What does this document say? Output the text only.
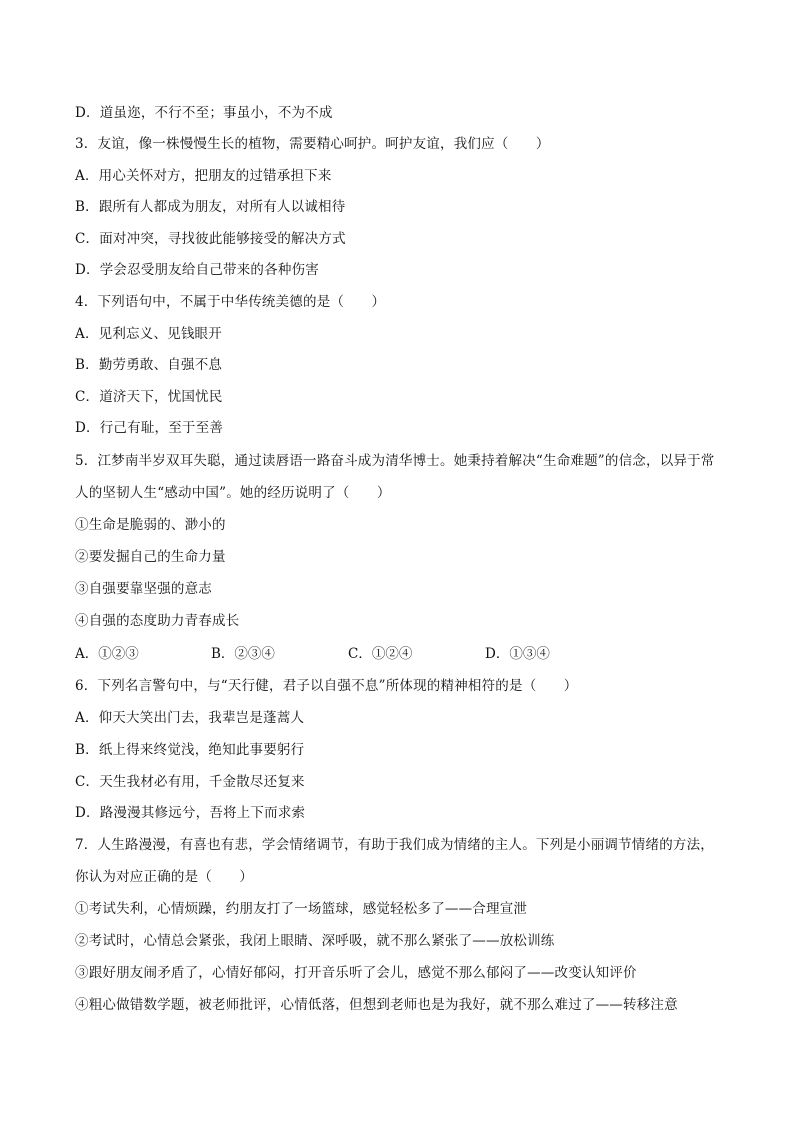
D．道虽迩，不行不至；事虽小，不为不成
3．友谊，像一株慢慢生长的植物，需要精心呵护。呵护友谊，我们应（　　）
A．用心关怀对方，把朋友的过错承担下来
B．跟所有人都成为朋友，对所有人以诚相待
C．面对冲突，寻找彼此能够接受的解决方式
D．学会忍受朋友给自己带来的各种伤害
4．下列语句中，不属于中华传统美德的是（　　）
A．见利忘义、见钱眼开
B．勤劳勇敢、自强不息
C．道济天下，忧国忧民
D．行己有耻，至于至善
5．江梦南半岁双耳失聪，通过读唇语一路奋斗成为清华博士。她秉持着解决“生命难题”的信念，以异于常
人的坚韧人生“感动中国”。她的经历说明了（　　）
①生命是脆弱的、渺小的
②要发掘自己的生命力量
③自强要靠坚强的意志
④自强的态度助力青春成长
A．①②③	B．②③④	C．①②④	D．①③④
6．下列名言警句中，与“天行健，君子以自强不息”所体现的精神相符的是（　　）
A．仰天大笑出门去，我辈岂是蓬蒿人
B．纸上得来终觉浅，绝知此事要躬行
C．天生我材必有用，千金散尽还复来
D．路漫漫其修远兮，吾将上下而求索
7．人生路漫漫，有喜也有悲，学会情绪调节，有助于我们成为情绪的主人。下列是小丽调节情绪的方法，
你认为对应正确的是（　　）
①考试失利，心情烦躁，约朋友打了一场篮球，感觉轻松多了——合理宣泄
②考试时，心情总会紧张，我闭上眼睛、深呼吸，就不那么紧张了——放松训练
③跟好朋友闹矛盾了，心情好郁闷，打开音乐听了会儿，感觉不那么郁闷了——改变认知评价
④粗心做错数学题，被老师批评，心情低落，但想到老师也是为我好，就不那么难过了——转移注意
